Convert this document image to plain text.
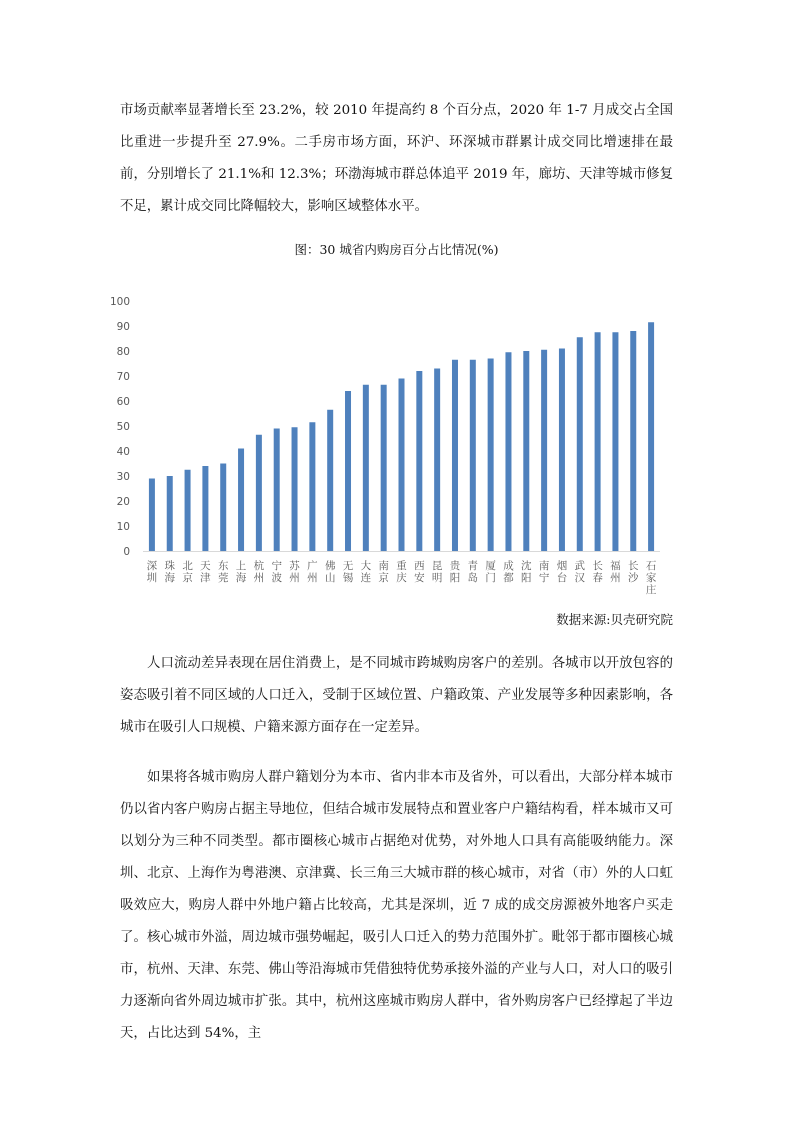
市场贡献率显著增长至 23.2%，较 2010 年提高约 8 个百分点，2020 年 1-7 月成交占全国比重进一步提升至 27.9%。二手房市场方面，环沪、环深城市群累计成交同比增速排在最前，分别增长了 21.1%和 12.3%；环渤海城市群总体追平 2019 年，廊坊、天津等城市修复不足，累计成交同比降幅较大，影响区域整体水平。

图：30 城省内购房百分占比情况(%)

0
10
20
30
40
50
60
70
80
90
100
深圳
珠海
北京
天津
东莞
上海
杭州
宁波
苏州
广州
佛山
无锡
大连
南京
重庆
西安
昆明
贵阳
青岛
厦门
成都
沈阳
南宁
烟台
武汉
长春
福州
长沙
石家庄

数据来源:贝壳研究院

人口流动差异表现在居住消费上，是不同城市跨城购房客户的差别。各城市以开放包容的姿态吸引着不同区域的人口迁入，受制于区域位置、户籍政策、产业发展等多种因素影响，各城市在吸引人口规模、户籍来源方面存在一定差异。

如果将各城市购房人群户籍划分为本市、省内非本市及省外，可以看出，大部分样本城市仍以省内客户购房占据主导地位，但结合城市发展特点和置业客户户籍结构看，样本城市又可以划分为三种不同类型。都市圈核心城市占据绝对优势，对外地人口具有高能吸纳能力。深圳、北京、上海作为粤港澳、京津冀、长三角三大城市群的核心城市，对省（市）外的人口虹吸效应大，购房人群中外地户籍占比较高，尤其是深圳，近 7 成的成交房源被外地客户买走了。核心城市外溢，周边城市强势崛起，吸引人口迁入的势力范围外扩。毗邻于都市圈核心城市，杭州、天津、东莞、佛山等沿海城市凭借独特优势承接外溢的产业与人口，对人口的吸引力逐渐向省外周边城市扩张。其中，杭州这座城市购房人群中，省外购房客户已经撑起了半边天，占比达到 54%，主
